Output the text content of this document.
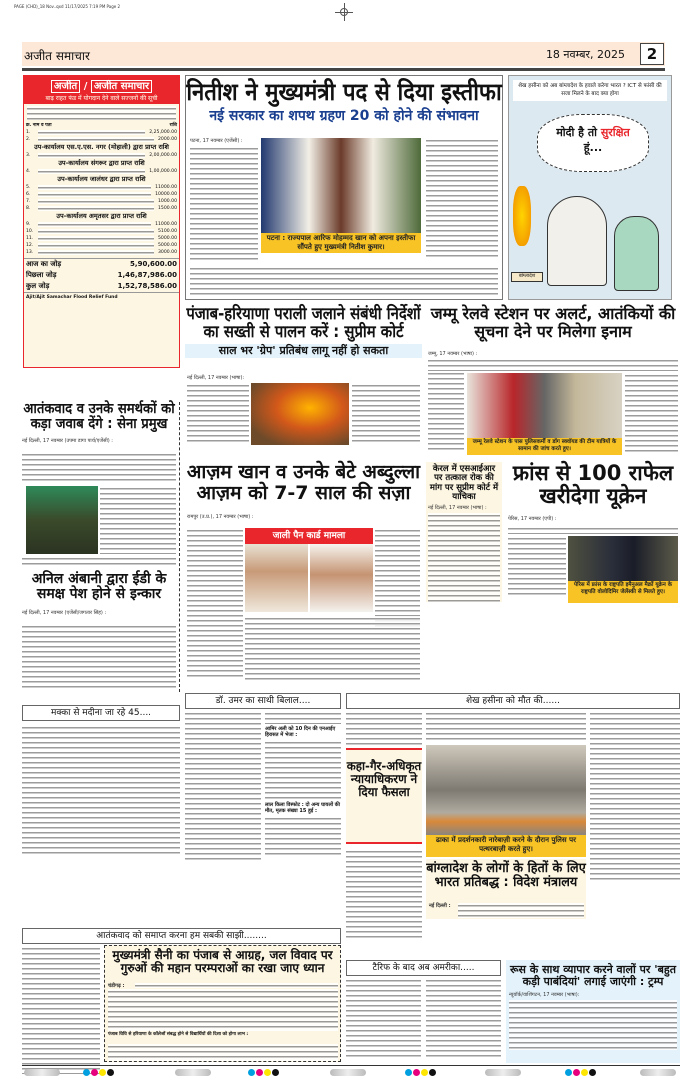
PAGE (CHD)_18 Nov..qxd 11/17/2025 7:19 PM Page 2
अजीत समाचार	18 नवम्बर, 2025	2
अजीत / अजीत समाचार
बाढ़ राहत फंड में योगदान देने वाले सज्जनों की सूची
क्र. नाम व पता	राशि
1.	2,25,000.00
2.	2000.00
उप-कार्यालय एस.ए.एस. नगर (मोहाली) द्वारा प्राप्त राशि
3.	2,00,000.00
उप-कार्यालय संगरूर द्वारा प्राप्त राशि
4.	1,00,000.00
उप-कार्यालय जालंधर द्वारा प्राप्त राशि
5.	11000.00
6.	10000.00
7.	1000.00
8.	1500.00
उप-कार्यालय अमृतसर द्वारा प्राप्त राशि
9.	11000.00
10.	5100.00
11.	5000.00
12.	5000.00
13.	3000.00
आज का जोड़	5,90,600.00
पिछला जोड़	1,46,87,986.00
कुल जोड़	1,52,78,586.00
Ajit/Ajit Samachar Flood Relief Fund
नितीश ने मुख्यमंत्री पद से दिया इस्तीफा
नई सरकार का शपथ ग्रहण 20 को होने की संभावना
पटना, 17 नवम्बर (एजेंसी) :
पटना : राज्यपाल आरिफ मोहम्मद खान को अपना इस्तीफा सौंपते हुए मुख्यमंत्री नितीश कुमार।
शेख हसीना को अब बांग्लादेश के हवाले करेगा भारत ? ICT से फांसी की सजा मिलने के बाद क्या होगा
मोदी है तो सुरक्षित
हूं...
बांग्लादेश
पंजाब-हरियाणा पराली जलाने संबंधी निर्देशों का सख्ती से पालन करें : सुप्रीम कोर्ट
साल भर 'ग्रेप' प्रतिबंध लागू नहीं हो सकता
नई दिल्ली, 17 नवम्बर (भाषा):
जम्मू रेलवे स्टेशन पर अलर्ट, आतंकियों की सूचना देने पर मिलेगा इनाम
जम्मू, 17 नवम्बर (भाषा) :
जम्मू रेलवे स्टेशन के पास पुलिसकर्मी व डॉग स्क्वॉयड की टीम यात्रियों के सामान की जांच करते हुए।
आतंकवाद व उनके समर्थकों को कड़ा जवाब देंगे : सेना प्रमुख
नई दिल्ली, 17 नवम्बर (उपमा डागा पार्थ/एजेंसी) :
अनिल अंबानी द्वारा ईडी के समक्ष पेश होने से इन्कार
नई दिल्ली, 17 नवम्बर (एजेंसी/जगतार सिंह) :
आज़म खान व उनके बेटे अब्दुल्ला आज़म को 7-7 साल की सज़ा
रामपुर (उ.प्र.), 17 नवम्बर (भाषा) :
जाली पैन कार्ड मामला
केरल में एसआईआर पर तत्काल रोक की मांग पर सुप्रीम कोर्ट में याचिका
नई दिल्ली, 17 नवम्बर (भाषा) :
फ्रांस से 100 राफेल खरीदेगा यूक्रेन
पेरिस, 17 नवम्बर (एपी) :
पेरिस में फ्रांस के राष्ट्रपति इमैनुअल मैक्रों यूक्रेन के राष्ट्रपति वोलोदिमिर जेलेंस्की से मिलते हुए।
मक्का से मदीना जा रहे 45....
डॉ. उमर का साथी बिलाल....
आमिर अली को 10 दिन की एनआईए हिरासत में भेजा :
लाल किला विस्फोट : दो अन्य घायलों की मौत, मृतक संख्या 15 हुई :
शेख हसीना को मौत की......
कहा-गैर-अधिकृत न्यायाधिकरण ने दिया फैसला
ढाका में प्रदर्शनकारी नारेबाज़ी करने के दौरान पुलिस पर पत्थरबाज़ी करते हुए।
बांग्लादेश के लोगों के हितों के लिए भारत प्रतिबद्ध : विदेश मंत्रालय
नई दिल्ली :
आतंकवाद को समाप्त करना हम सबकी साझी........
मुख्यमंत्री सैनी का पंजाब से आग्रह, जल विवाद पर गुरुओं की महान परम्पराओं का रखा जाए ध्यान
चंडीगढ़ :
पंजाब विधि से हरियाणा के कॉलेजों संबद्ध होने से विद्यार्थियों की दिशा को होगा लाभ :
टैरिफ के बाद अब अमरीका.....	रूस के साथ व्यापार करने वालों पर 'बहुत कड़ी पाबंदियां' लगाई जाएंगी : ट्रम्प
न्यूयॉर्क/वाशिंगटन, 17 नवम्बर (भाषा):
